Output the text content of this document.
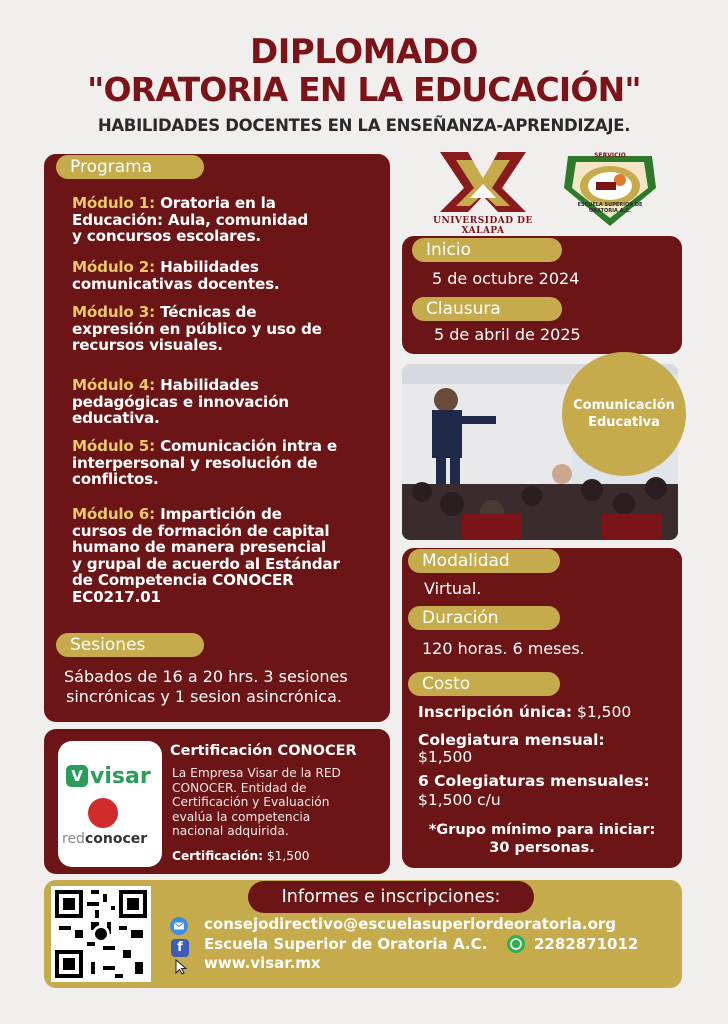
DIPLOMADO
"ORATORIA EN LA EDUCACIÓN"
HABILIDADES DOCENTES EN LA ENSEÑANZA-APRENDIZAJE.
Programa
Módulo 1: Oratoria en la
Educación: Aula, comunidad
y concursos escolares.
Módulo 2: Habilidades
comunicativas docentes.
Módulo 3: Técnicas de
expresión en público y uso de
recursos visuales.
Módulo 4: Habilidades
pedagógicas e innovación
educativa.
Módulo 5: Comunicación intra e
interpersonal y resolución de
conflictos.
Módulo 6: Impartición de
cursos de formación de capital
humano de manera presencial
y grupal de acuerdo al Estándar
de Competencia CONOCER
EC0217.01
Sesiones
Sábados de 16 a 20 hrs. 3 sesiones
sincrónicas y 1 sesion asincrónica.
UNIVERSIDAD DE XALAPA
SERVICIO
ESCUELA SUPERIOR DE ORATORIA A.C.
Inicio
5 de octubre 2024
Clausura
5 de abril de 2025
Comunicación
Educativa
Modalidad
Virtual.
Duración
120 horas. 6 meses.
Costo
Inscripción única: $1,500
Colegiatura mensual:
$1,500
6 Colegiaturas mensuales:
$1,500 c/u
*Grupo mínimo para iniciar:
30 personas.
V visar
redconocer
Certificación CONOCER
La Empresa Visar de la RED
CONOCER. Entidad de
Certificación y Evaluación
evalúa la competencia
nacional adquirida.
Certificación: $1,500
Informes e inscripciones:
consejodirectivo@escuelasuperiordeoratoria.org
f	Escuela Superior de Oratoria A.C.	2282871012
www.visar.mx
